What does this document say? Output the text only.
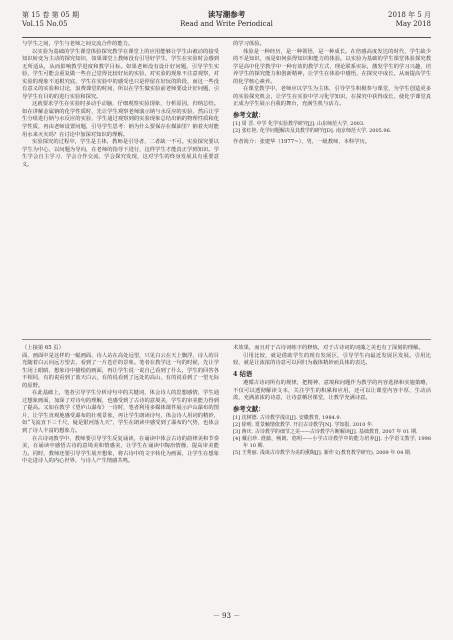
第 15 卷 第 05 期
Vol.15 No.05
读写潮参考
Read and Write Periodical
2018 年 5 月
May 2018

与学生之间，学生与老师之间交流合作的能力。

以实验为基础的学生课堂体验探究教学在课堂上的应用能够让学生由被动的接受知识转变为主动的探究知识，如果课堂上教师没有引导好学生，学生在实验时会感到无所适从，从而影响教学进度和教学目标。如果老师没有设计好问题，引导学生实验，学生可能会重复做一些自己觉得比较好玩的实验，对实验的现象不注意观察，对实验的现象不追根究底，学生在实验中的感受也只是停留在好玩的阶段，而这一些没有意义的实验和讨论，浪费课堂的时间，所以在学生做实验前老师要设计好问题，引导学生有目的的进行实验和探究。

这就要求学生在实验时多动手动脑，仔细观察实验现象，分析原因，归纳总结。如在讲解金属钠的化学性质时，先让学生观察老师演示钠与水反应的实验，然后让学生分组进行钠与水反应的实验，学生通过观察到的实验现象总结出钠的物理性质和化学性质，再由老师设置问题，引导学生思考：钠为什么要保存在煤油里？钠着火时能用水来灭火吗？在讨论中加深对知识的理解。

实验探究的过程中，学生是主体，教师是引导者，二者缺一不可。实验探究要以学生为中心，以问题为导向，在老师的指导下进行，这样学生才能真正学到知识。学生学会自主学习、学会合作交流、学会探究发现，这对学生的终身发展具有重要意义。

的学习体验。

体验是一种经历，是一种领悟，是一种成长。在倍感高度发达的时代，学生缺少的不是知识，而是如何获得知识和能力的体验。以实验为基础的学生课堂体验探究教学是高中化学教学中一种有效的教学方式，理论联系实际，激发学生的学习兴趣，培养学生的探究能力和创新精神，让学生在体验中感悟，在探究中成长，从而提高学生的化学核心素养。

在课堂教学中，老师应以学生为主体，引导学生积极参与课堂，为学生创造更多的实验探究机会，让学生在实验中学习化学知识，在探究中获得成长，使化学课堂真正成为学生展示自我的舞台，充满生机与活力。

参考文献：
[1] 周 晋. 中学 化学实验教学研究[J]. 山东师范大学, 2003.
[2] 张红艳. 化学问题解决及其教学的研究[D]. 南京师范大学, 2005.96.

作者简介：张建华（1977~），男，一级教师，本科学历。

（上接第 65 页）

面，画面中是这样的一幅画面，诗人站在高处远望，只见白云在天上飘浮，诗人的目光随着白云向远方望去，看到了一片苍茫的景象。笔者在教学这一句的时候，先让学生闭上眼睛，想象诗中描绘的画面，再让学生说一说自己看到了什么，学生的回答各不相同，有的说看到了蓝天白云，有的说看到了远处的高山，有的说看到了一望无际的原野。

在此基础上，笔者引导学生分析诗句中的关键词，体会诗人的思想感情，学生通过想象画面，加深了对诗句的理解，也感受到了古诗的意境美，学生的审美能力得到了提高。又如在教学《望庐山瀑布》一诗时，笔者利用多媒体课件展示庐山瀑布的图片，让学生直观地感受瀑布的壮观景象，再让学生朗读诗句，体会诗人用词的精妙，如“飞流直下三千尺，疑是银河落九天”，学生在朗读中感受到了瀑布的气势，也体会到了诗人丰富的想象力。

在古诗词教学中，教师要引导学生反复诵读，在诵读中体会古诗的韵律美和节奏美，在诵读中感悟古诗的意境美和情感美，让学生在诵读中陶冶情操，提高审美能力。同时，教师还要引导学生展开想象，将古诗中的文字转化为画面，让学生在想象中走进诗人的内心世界，与诗人产生情感共鸣。

术效果，而且对于古诗词练字的修炼，对于古诗词的词藻之美也有了深刻的理解。

引用比较，就是借助学生的现有发展区，引导学生向最近发展区发展。引用比较，就是让浓浓的诗意可以回归为载体精妙而具体的表达。

4 结语

遵循古诗词所有的规律，把精神、意境和问题作为教学的内容选择和实施策略，不仅可以透彻解读文本，关注学生的积累和应用，还可以让课堂内容丰厚，生动活泼，充满浓浓的诗意，让诗意栖居课堂，让教学充满诗意。

参考文献：
[1] 沈树德. 古诗教学浅议[J]. 安徽教育, 1984.9.
[2] 徐明. 赏景触情依教学. 开启古诗教学[N]. 学知报, 2010 年.
[3] 蒋庆. 古诗教学的细节之美——古诗教学片断解读[J]. 基础教育, 2007 年 01 期.
[4] 戴启珍. 澄澈、畅朗、悠明——小学古诗教学中的能力培养[J]. 小学语文教学, 1998 年 10 期.
[5] 王秀丽. 浅谈古诗教学为美的熏陶[J]. 新作文(教育教学研究), 2009 年 04 期.
－ 93 －
